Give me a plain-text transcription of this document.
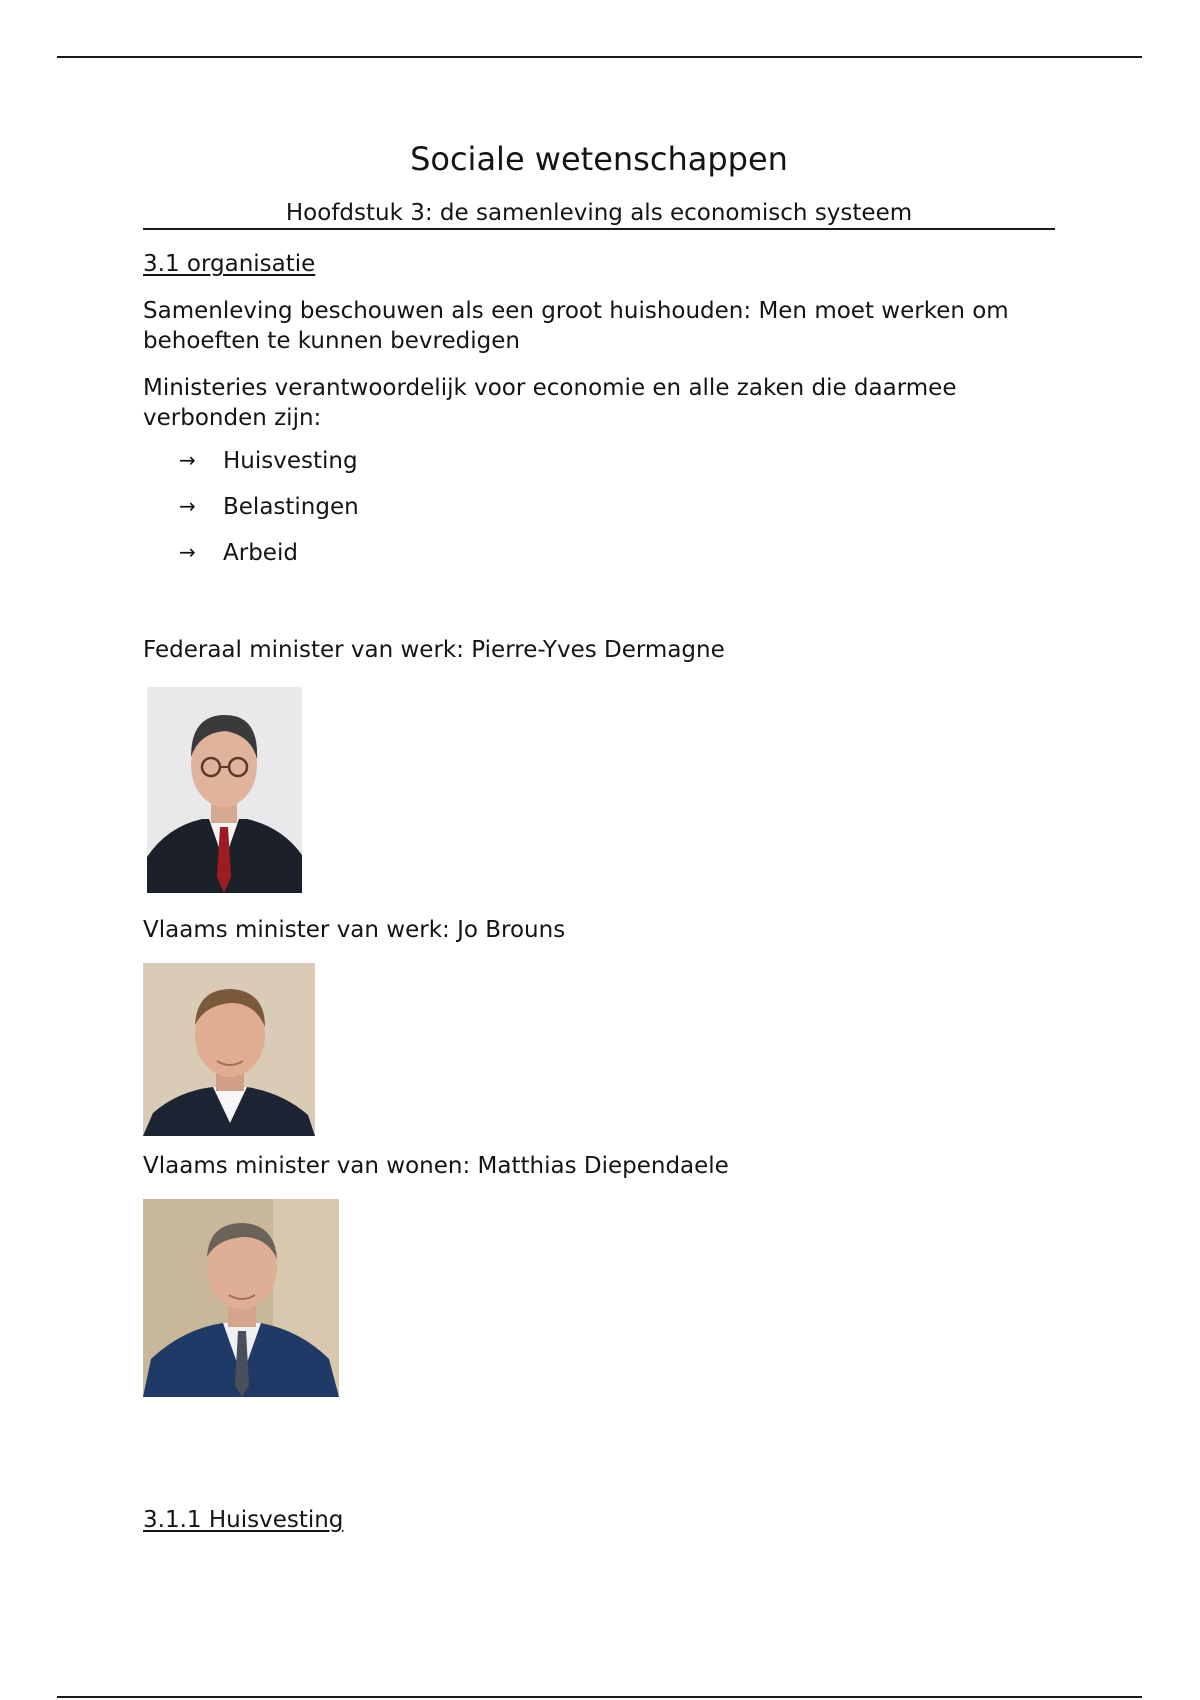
Sociale wetenschappen
Hoofdstuk 3: de samenleving als economisch systeem
3.1 organisatie

Samenleving beschouwen als een groot huishouden: Men moet werken om behoeften te kunnen bevredigen

Ministeries verantwoordelijk voor economie en alle zaken die daarmee verbonden zijn:

→	Huisvesting
→	Belastingen
→	Arbeid
Federaal minister van werk: Pierre-Yves Dermagne
Vlaams minister van werk: Jo Brouns
Vlaams minister van wonen: Matthias Diependaele
3.1.1 Huisvesting
